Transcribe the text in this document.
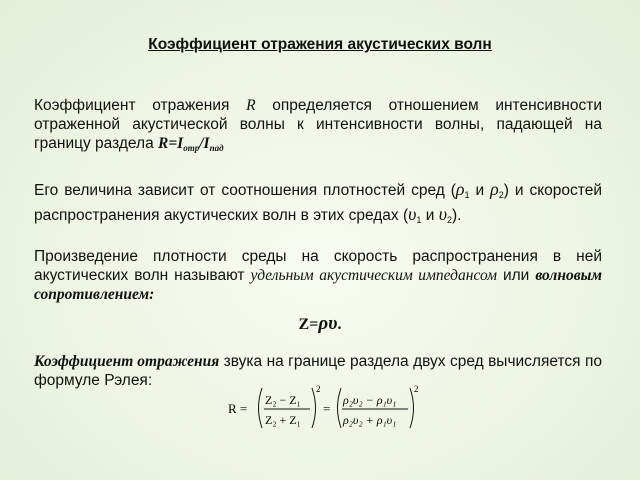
Коэффициент отражения акустических волн
Коэффициент отражения R определяется отношением интенсивности отраженной акустической волны к интенсивности волны, падающей на границу раздела $R=I_{отр}/I_{пад}$
Его величина зависит от соотношения плотностей сред ($\rho_1$ и $\rho_2$) и скоростей распространения акустических волн в этих средах ($\upsilon_1$ и $\upsilon_2$).
Произведение плотности среды на скорость распространения в ней акустических волн называют удельным акустическим импедансом или волновым сопротивлением:
Z=ρυ.
Коэффициент отражения звука на границе раздела двух сред вычисляется по формуле Рэлея:
R =
Z₂ − Z₁
Z₂ + Z₁
2
=
ρ₂υ₂ − ρ₁υ₁
ρ₂υ₂ + ρ₁υ₁
2
